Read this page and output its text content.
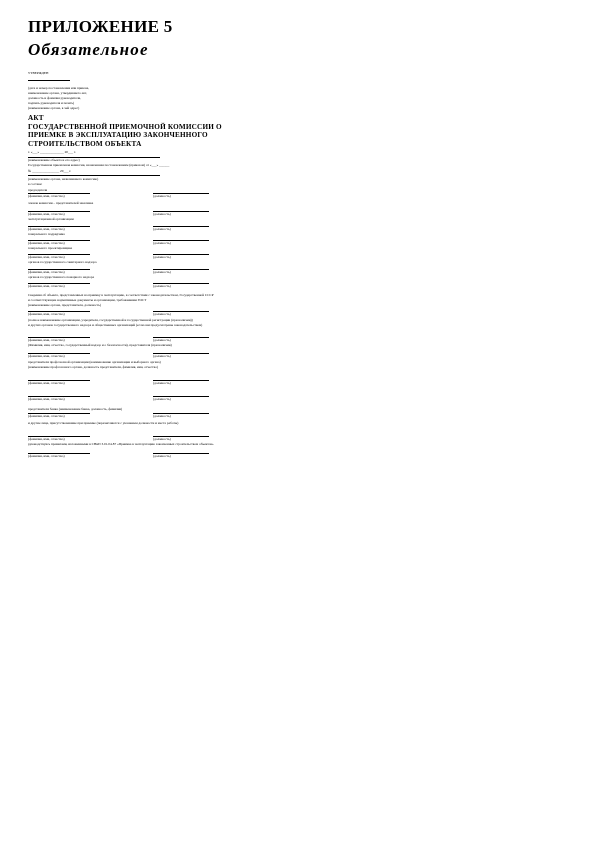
ПРИЛОЖЕНИЕ 5
Обязательное
УТВЕРЖДЕН
(дата и номер постановления или приказа,
наименование органа, утвердившего акт,
должность и фамилия руководителя,
подпись руководителя и печать)
(наименование органа, в чей адрес)
АКТ
ГОСУДАРСТВЕННОЙ ПРИЕМОЧНОЙ КОМИССИИ О
ПРИЕМКЕ В ЭКСПЛУАТАЦИЮ ЗАКОНЧЕННОГО
СТРОИТЕЛЬСТВОМ ОБЪЕКТА
г. «___» ______________ 20___ г.
(наименование объекта и его адрес)
Государственная приемочная комиссия, назначенная постановлением (приказом) от «___» ______
№ ________________ 20___ г.
(наименование органа, назначившего комиссию)
в составе:
председателя
(фамилия, имя, отчество)	(должность)
членов комиссии – представителей заказчика
(фамилия, имя, отчество)	(должность)
эксплуатационной организации
(фамилия, имя, отчество)	(должность)
генерального подрядчика
(фамилия, имя, отчество)	(должность)
генерального проектировщика
(фамилия, имя, отчество)	(должность)
органов государственного санитарного надзора
(фамилия, имя, отчество)	(должность)
органов государственного пожарного надзора
(фамилия, имя, отчество)	(должность)
Сведения об объекте, представленных на приемку в эксплуатацию, в соответствии с законодательством, Государственной СССР
и соответствующие нормативные документы и организации, требованиями ГОСТ
(наименование органа, представителя, должность)
(фамилия, имя, отчество)	(должность)
(полное наименование организации, учредителя, государственной и государственной регистрации (при наличии))
и других органов государственного надзора и общественных организаций (если они предусмотрены законодательством)
(фамилия, имя, отчество)	(должность)
(Фамилия, имя, отчество, государственный надзор и о безопасности), представителя (при наличии)
(фамилия, имя, отчество)	(должность)
представителя профсоюзной организации (наименование организации и выборного органа)
(наименование профсоюзного органа, должность представителя, фамилия, имя, отчество)
(фамилия, имя, отчество)	(должность)
(фамилия, имя, отчество)	(должность)
представителя банка (наименование банка, должность, фамилия)
(фамилия, имя, отчество)	(должность)
и другие лица, присутствовавшие при приемке (перечисляются с указанием должности и места работы)
(фамилия, имя, отчество)	(должность)
руководствуясь правилами, изложенными в СНиП 3.01.04-87 «Приемка в эксплуатацию законченных строительством объектов»
(фамилия, имя, отчество)	(должность)
